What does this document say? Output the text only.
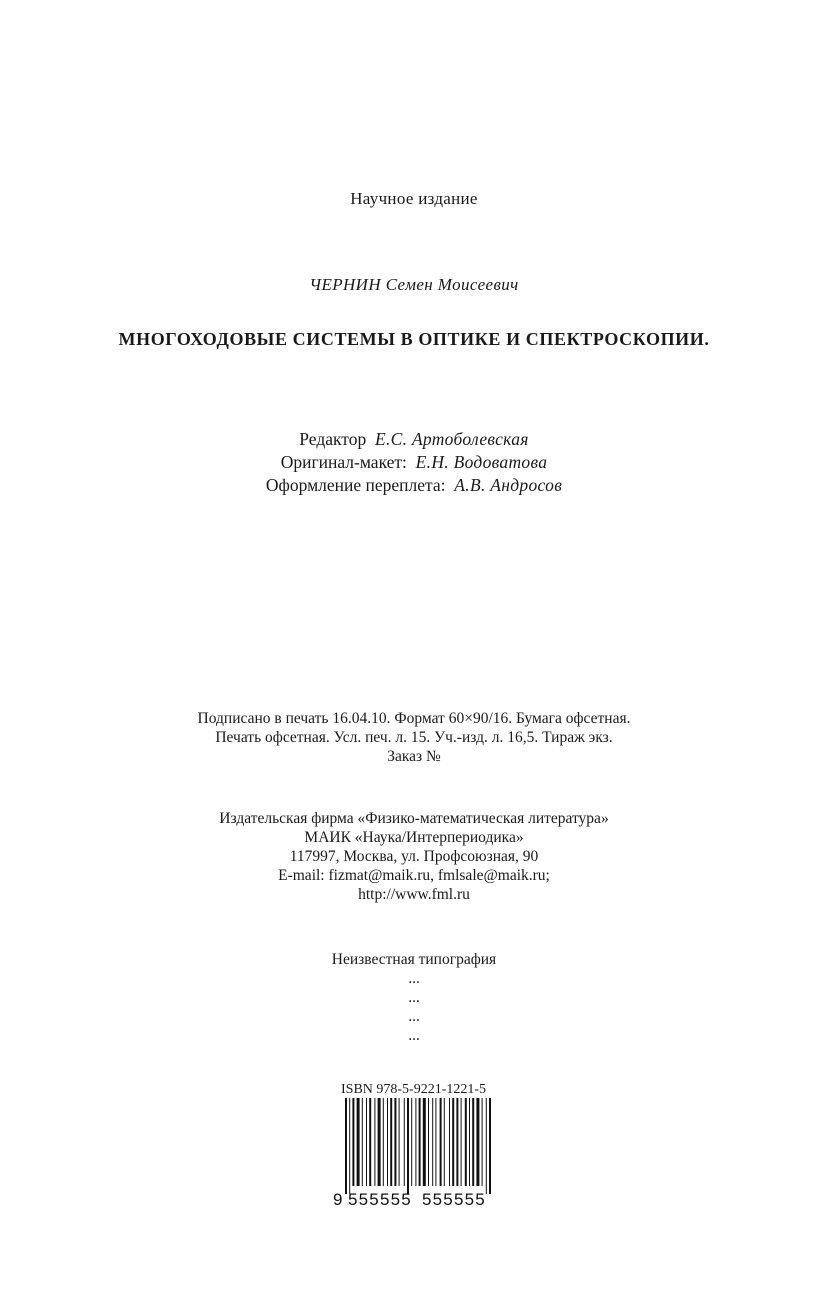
Научное издание
ЧЕРНИН Семен Моисеевич
МНОГОХОДОВЫЕ СИСТЕМЫ В ОПТИКЕ И СПЕКТРОСКОПИИ.
Редактор Е.С. Артоболевская
Оригинал-макет: Е.Н. Водоватова
Оформление переплета: А.В. Андросов
Подписано в печать 16.04.10. Формат 60×90/16. Бумага офсетная.
Печать офсетная. Усл. печ. л. 15. Уч.-изд. л. 16,5. Тираж экз.
Заказ №
Издательская фирма «Физико-математическая литература»
МАИК «Наука/Интерпериодика»
117997, Москва, ул. Профсоюзная, 90
E-mail: fizmat@maik.ru, fmlsale@maik.ru;
http://www.fml.ru
Неизвестная типография
...
...
...
...
ISBN 978-5-9221-1221-5
9 555555 555555
